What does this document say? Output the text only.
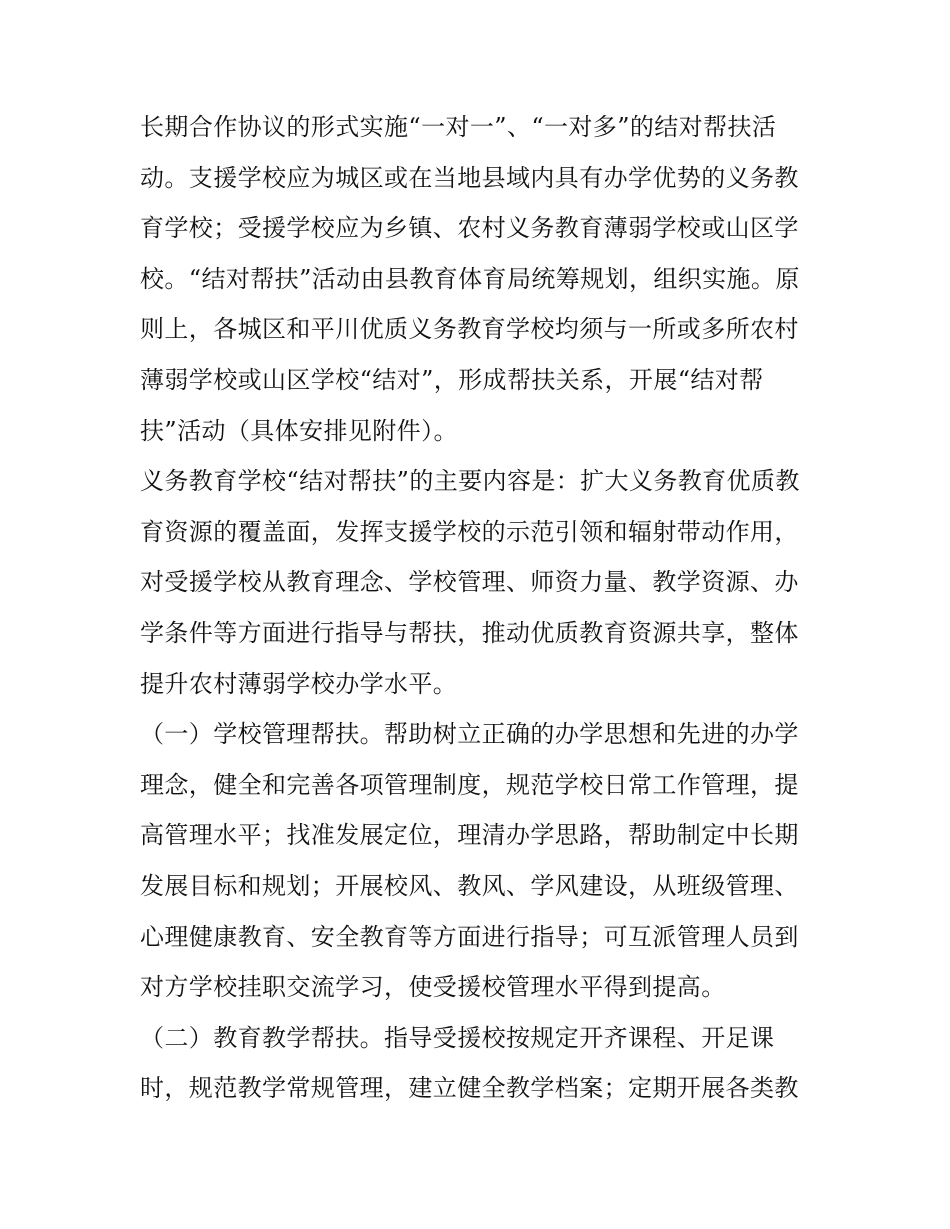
长期合作协议的形式实施“一对一”、“一对多”的结对帮扶活
动。支援学校应为城区或在当地县域内具有办学优势的义务教
育学校；受援学校应为乡镇、农村义务教育薄弱学校或山区学
校。“结对帮扶”活动由县教育体育局统筹规划，组织实施。原
则上，各城区和平川优质义务教育学校均须与一所或多所农村
薄弱学校或山区学校“结对”，形成帮扶关系，开展“结对帮
扶”活动（具体安排见附件）。
义务教育学校“结对帮扶”的主要内容是：扩大义务教育优质教
育资源的覆盖面，发挥支援学校的示范引领和辐射带动作用，
对受援学校从教育理念、学校管理、师资力量、教学资源、办
学条件等方面进行指导与帮扶，推动优质教育资源共享，整体
提升农村薄弱学校办学水平。
（一）学校管理帮扶。帮助树立正确的办学思想和先进的办学
理念，健全和完善各项管理制度，规范学校日常工作管理，提
高管理水平；找准发展定位，理清办学思路，帮助制定中长期
发展目标和规划；开展校风、教风、学风建设，从班级管理、
心理健康教育、安全教育等方面进行指导；可互派管理人员到
对方学校挂职交流学习，使受援校管理水平得到提高。
（二）教育教学帮扶。指导受援校按规定开齐课程、开足课
时，规范教学常规管理，建立健全教学档案；定期开展各类教
